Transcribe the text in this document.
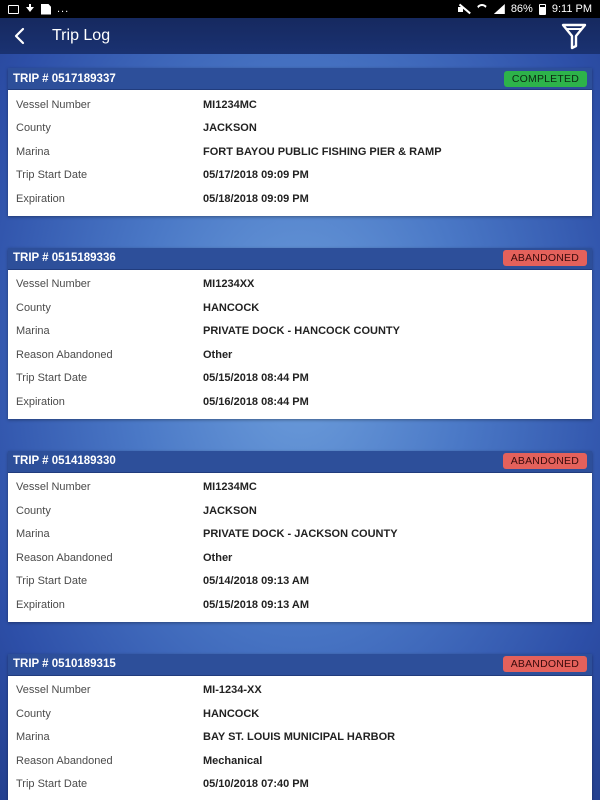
...	86% 9:11 PM
Trip Log
TRIP # 0517189337	COMPLETED
Vessel Number	MI1234MC
County	JACKSON
Marina	FORT BAYOU PUBLIC FISHING PIER & RAMP
Trip Start Date	05/17/2018 09:09 PM
Expiration	05/18/2018 09:09 PM
TRIP # 0515189336	ABANDONED
Vessel Number	MI1234XX
County	HANCOCK
Marina	PRIVATE DOCK - HANCOCK COUNTY
Reason Abandoned	Other
Trip Start Date	05/15/2018 08:44 PM
Expiration	05/16/2018 08:44 PM
TRIP # 0514189330	ABANDONED
Vessel Number	MI1234MC
County	JACKSON
Marina	PRIVATE DOCK - JACKSON COUNTY
Reason Abandoned	Other
Trip Start Date	05/14/2018 09:13 AM
Expiration	05/15/2018 09:13 AM
TRIP # 0510189315	ABANDONED
Vessel Number	MI-1234-XX
County	HANCOCK
Marina	BAY ST. LOUIS MUNICIPAL HARBOR
Reason Abandoned	Mechanical
Trip Start Date	05/10/2018 07:40 PM
